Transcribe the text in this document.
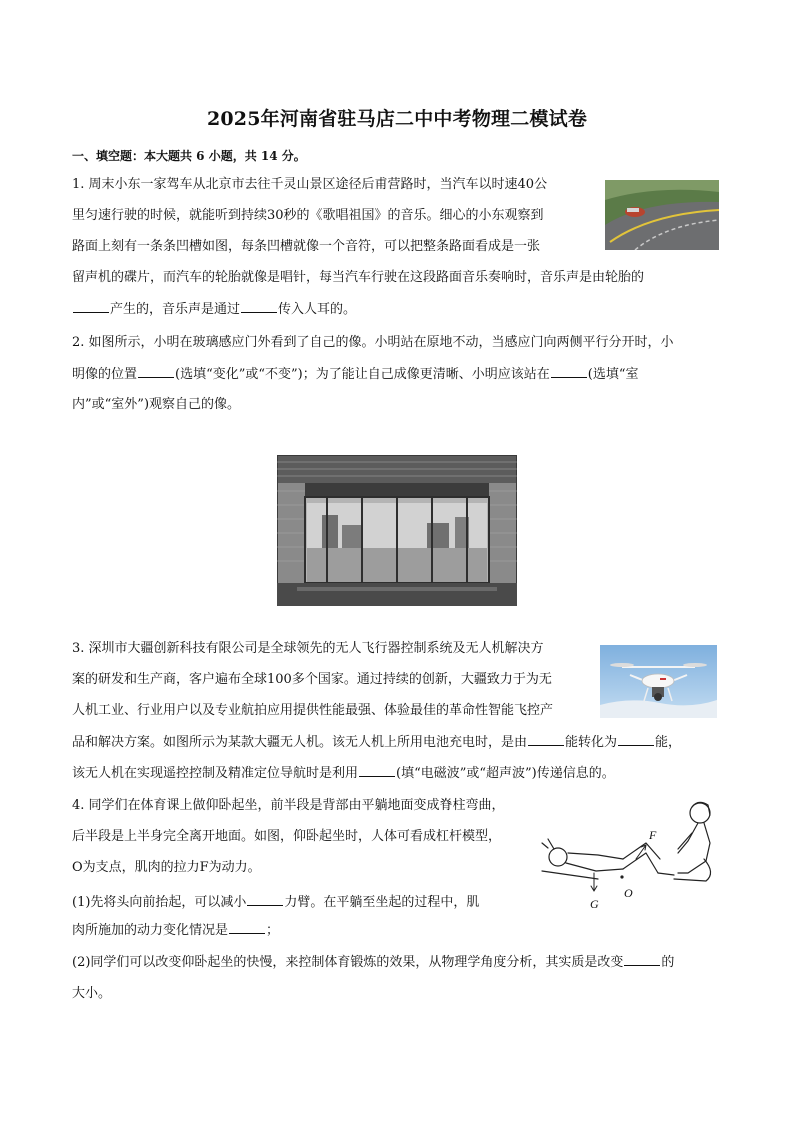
2025年河南省驻马店二中中考物理二模试卷
一、填空题：本大题共 6 小题，共 14 分。
1. 周末小东一家驾车从北京市去往千灵山景区途径后甫营路时，当汽车以时速40公
里匀速行驶的时候，就能听到持续30秒的《歌唱祖国》的音乐。细心的小东观察到
路面上刻有一条条凹槽如图，每条凹槽就像一个音符，可以把整条路面看成是一张
留声机的碟片，而汽车的轮胎就像是唱针，每当汽车行驶在这段路面音乐奏响时，音乐声是由轮胎的
产生的，音乐声是通过	传入人耳的。
2. 如图所示，小明在玻璃感应门外看到了自己的像。小明站在原地不动，当感应门向两侧平行分开时，小
明像的位置	(选填“变化”或“不变”)；为了能让自己成像更清晰、小明应该站在	(选填“室
内”或“室外”)观察自己的像。
3. 深圳市大疆创新科技有限公司是全球领先的无人飞行器控制系统及无人机解决方
案的研发和生产商，客户遍布全球100多个国家。通过持续的创新，大疆致力于为无
人机工业、行业用户以及专业航拍应用提供性能最强、体验最佳的革命性智能飞控产
品和解决方案。如图所示为某款大疆无人机。该无人机上所用电池充电时，是由	能转化为	能，
该无人机在实现遥控控制及精准定位导航时是利用	(填“电磁波”或“超声波”)传递信息的。
4. 同学们在体育课上做仰卧起坐，前半段是背部由平躺地面变成脊柱弯曲，
后半段是上半身完全离开地面。如图，仰卧起坐时，人体可看成杠杆模型，
O为支点，肌肉的拉力F为动力。
(1)先将头向前抬起，可以减小	力臂。在平躺至坐起的过程中，肌
肉所施加的动力变化情况是	；
(2)同学们可以改变仰卧起坐的快慢，来控制体育锻炼的效果，从物理学角度分析，其实质是改变	的
大小。
F
O
G
